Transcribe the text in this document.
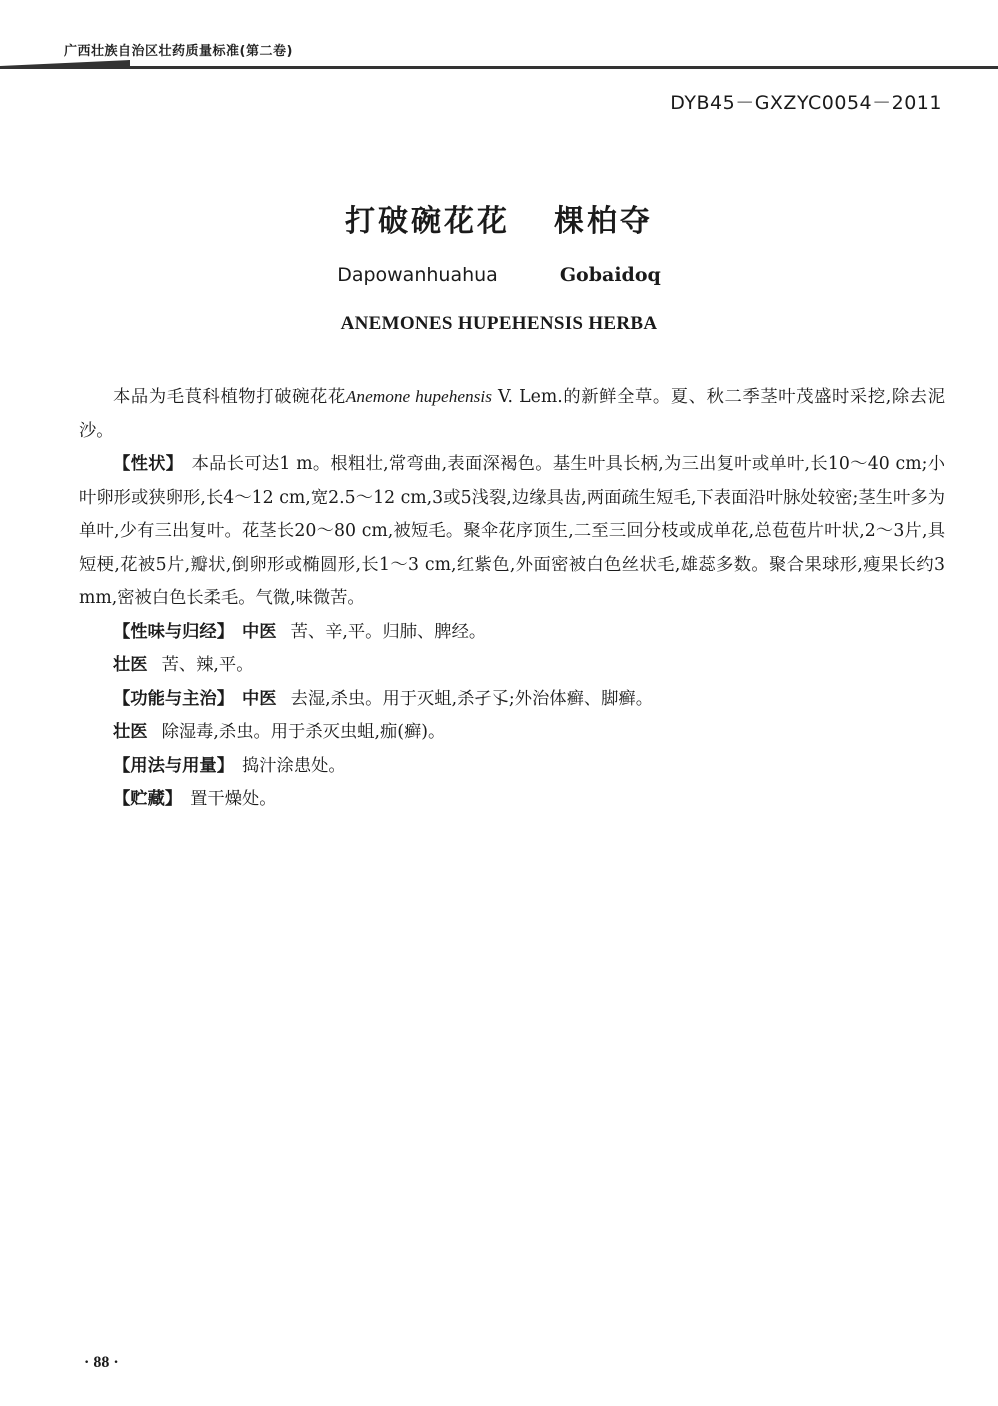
广西壮族自治区壮药质量标准(第二卷)
DYB45－GXZYC0054－2011
打破碗花花 棵柏夺
Dapowanhuahua	Gobaidoq
ANEMONES HUPEHENSIS HERBA

本品为毛茛科植物打破碗花花Anemone hupehensis V. Lem.的新鲜全草。夏、秋二季茎叶茂盛时采挖,除去泥沙。

【性状】 本品长可达1 m。根粗壮,常弯曲,表面深褐色。基生叶具长柄,为三出复叶或单叶,长10～40 cm;小叶卵形或狭卵形,长4～12 cm,宽2.5～12 cm,3或5浅裂,边缘具齿,两面疏生短毛,下表面沿叶脉处较密;茎生叶多为单叶,少有三出复叶。花茎长20～80 cm,被短毛。聚伞花序顶生,二至三回分枝或成单花,总苞苞片叶状,2～3片,具短梗,花被5片,瓣状,倒卵形或椭圆形,长1～3 cm,红紫色,外面密被白色丝状毛,雄蕊多数。聚合果球形,瘦果长约3 mm,密被白色长柔毛。气微,味微苦。

【性味与归经】 中医 苦、辛,平。归肺、脾经。

壮医 苦、辣,平。

【功能与主治】 中医 去湿,杀虫。用于灭蛆,杀孑孓;外治体癣、脚癣。

壮医 除湿毒,杀虫。用于杀灭虫蛆,痂(癣)。

【用法与用量】 捣汁涂患处。

【贮藏】 置干燥处。

· 88 ·
